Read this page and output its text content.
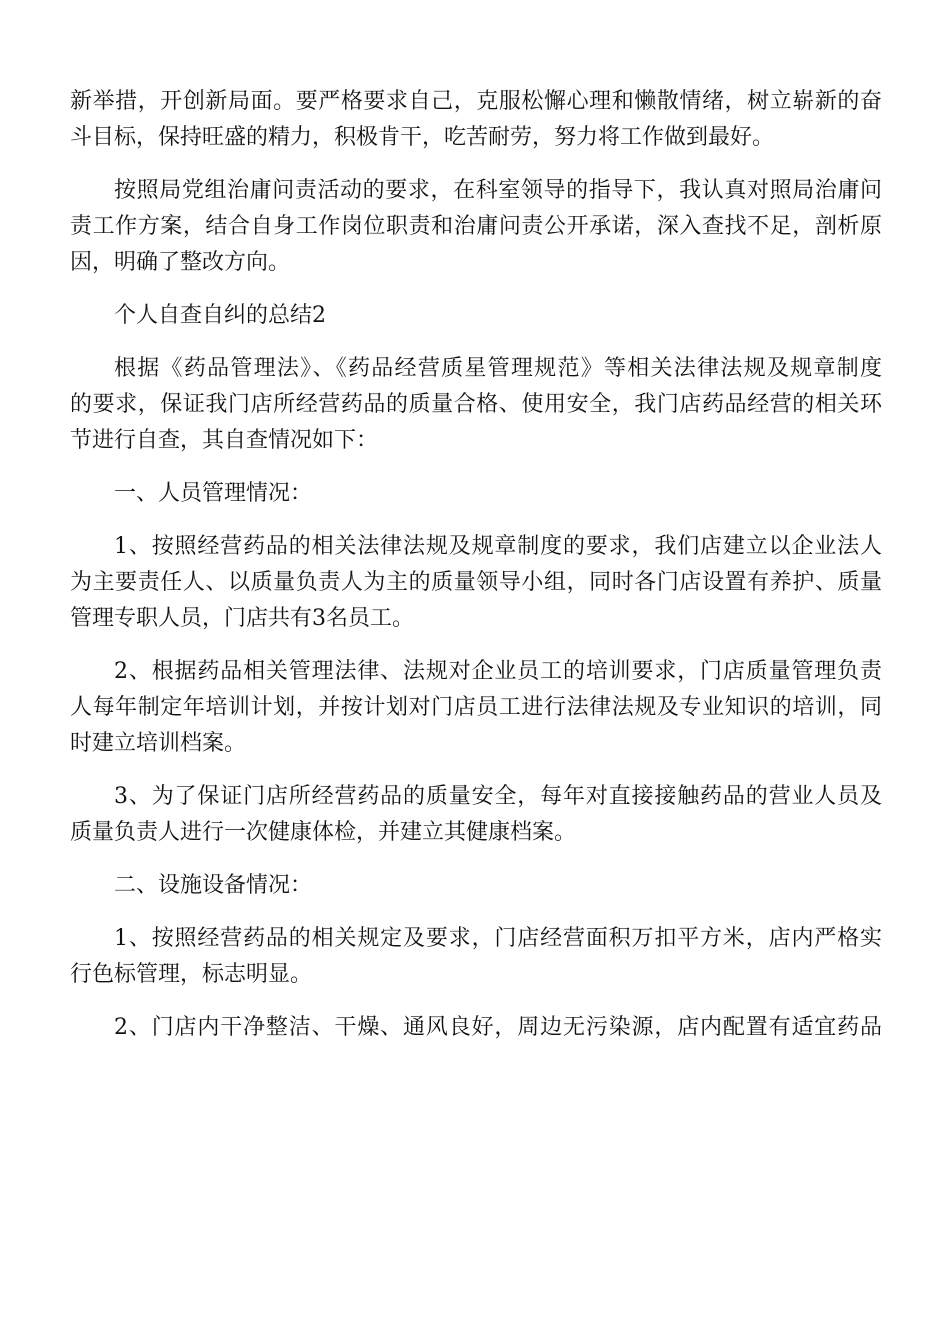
新举措，开创新局面。要严格要求自己，克服松懈心理和懒散情绪，树立崭新的奋
斗目标，保持旺盛的精力，积极肯干，吃苦耐劳，努力将工作做到最好。
按照局党组治庸问责活动的要求，在科室领导的指导下，我认真对照局治庸问
责工作方案，结合自身工作岗位职责和治庸问责公开承诺，深入查找不足，剖析原
因，明确了整改方向。
个人自查自纠的总结2
根据《药品管理法》、《药品经营质星管理规范》等相关法律法规及规章制度
的要求，保证我门店所经营药品的质量合格、使用安全，我门店药品经营的相关环
节进行自查，其自查情况如下：
一、人员管理情况：
1、按照经营药品的相关法律法规及规章制度的要求，我们店建立以企业法人
为主要责任人、以质量负责人为主的质量领导小组，同时各门店设置有养护、质量
管理专职人员，门店共有3名员工。
2、根据药品相关管理法律、法规对企业员工的培训要求，门店质量管理负责
人每年制定年培训计划，并按计划对门店员工进行法律法规及专业知识的培训，同
时建立培训档案。
3、为了保证门店所经营药品的质量安全，每年对直接接触药品的营业人员及
质量负责人进行一次健康体检，并建立其健康档案。
二、设施设备情况：
1、按照经营药品的相关规定及要求，门店经营面积万扣平方米，店内严格实
行色标管理，标志明显。
2、门店内干净整洁、干燥、通风良好，周边无污染源，店内配置有适宜药品
